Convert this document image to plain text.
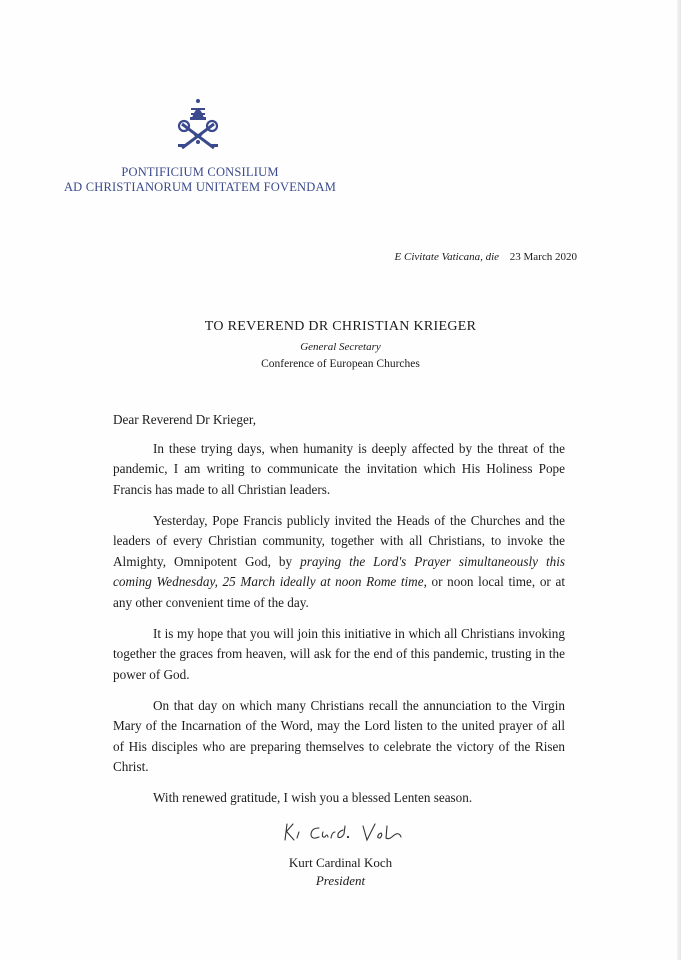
PONTIFICIUM CONSILIUM
AD CHRISTIANORUM UNITATEM FOVENDAM
E Civitate Vaticana, die 23 March 2020
TO REVEREND DR CHRISTIAN KRIEGER
General Secretary
Conference of European Churches

Dear Reverend Dr Krieger,

In these trying days, when humanity is deeply affected by the threat of the pandemic, I am writing to communicate the invitation which His Holiness Pope Francis has made to all Christian leaders.

Yesterday, Pope Francis publicly invited the Heads of the Churches and the leaders of every Christian community, together with all Christians, to invoke the Almighty, Omnipotent God, by praying the Lord's Prayer simultaneously this coming Wednesday, 25 March ideally at noon Rome time, or noon local time, or at any other convenient time of the day.

It is my hope that you will join this initiative in which all Christians invoking together the graces from heaven, will ask for the end of this pandemic, trusting in the power of God.

On that day on which many Christians recall the annunciation to the Virgin Mary of the Incarnation of the Word, may the Lord listen to the united prayer of all of His disciples who are preparing themselves to celebrate the victory of the Risen Christ.

With renewed gratitude, I wish you a blessed Lenten season.

Kurt Cardinal Koch
President
